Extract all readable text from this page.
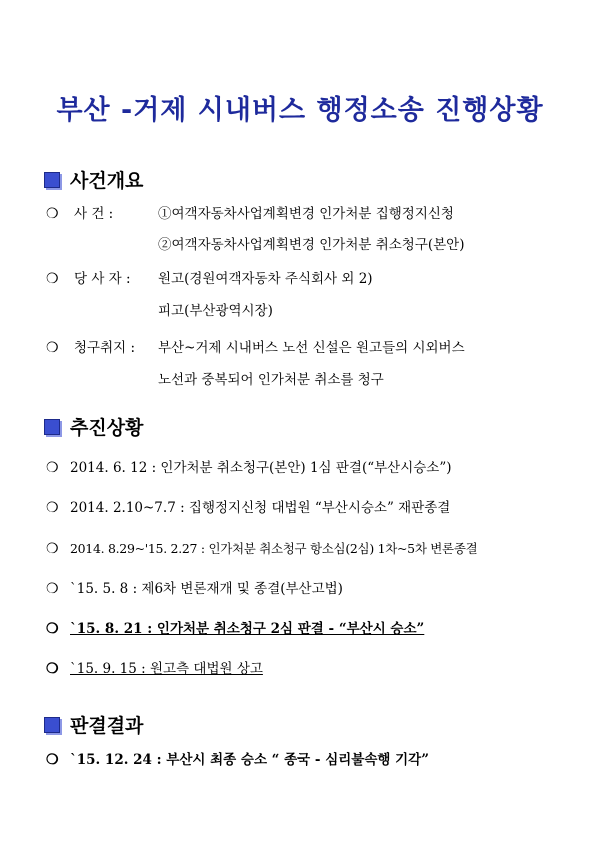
부산 -거제 시내버스 행정소송 진행상황
사건개요
❍ 사 건 :	①여객자동차사업계획변경 인가처분 집행정지신청
②여객자동차사업계획변경 인가처분 취소청구(본안)
❍ 당 사 자 : 원고(경원여객자동차 주식회사 외 2)
피고(부산광역시장)
❍ 청구취지 : 부산~거제 시내버스 노선 신설은 원고들의 시외버스
노선과 중복되어 인가처분 취소를 청구
추진상황
❍ 2014. 6. 12 : 인가처분 취소청구(본안) 1심 판결(“부산시승소”)
❍ 2014. 2.10~7.7 : 집행정지신청 대법원 “부산시승소” 재판종결
❍ 2014. 8.29~'15. 2.27 : 인가처분 취소청구 항소심(2심) 1차~5차 변론종결
❍ `15. 5. 8 : 제6차 변론재개 및 종결(부산고법)
❍ `15. 8. 21 : 인가처분 취소청구 2심 판결 - “부산시 승소”
❍ `15. 9. 15 : 원고측 대법원 상고
판결결과
❍ `15. 12. 24 : 부산시 최종 승소 “ 종국 - 심리불속행 기각”
